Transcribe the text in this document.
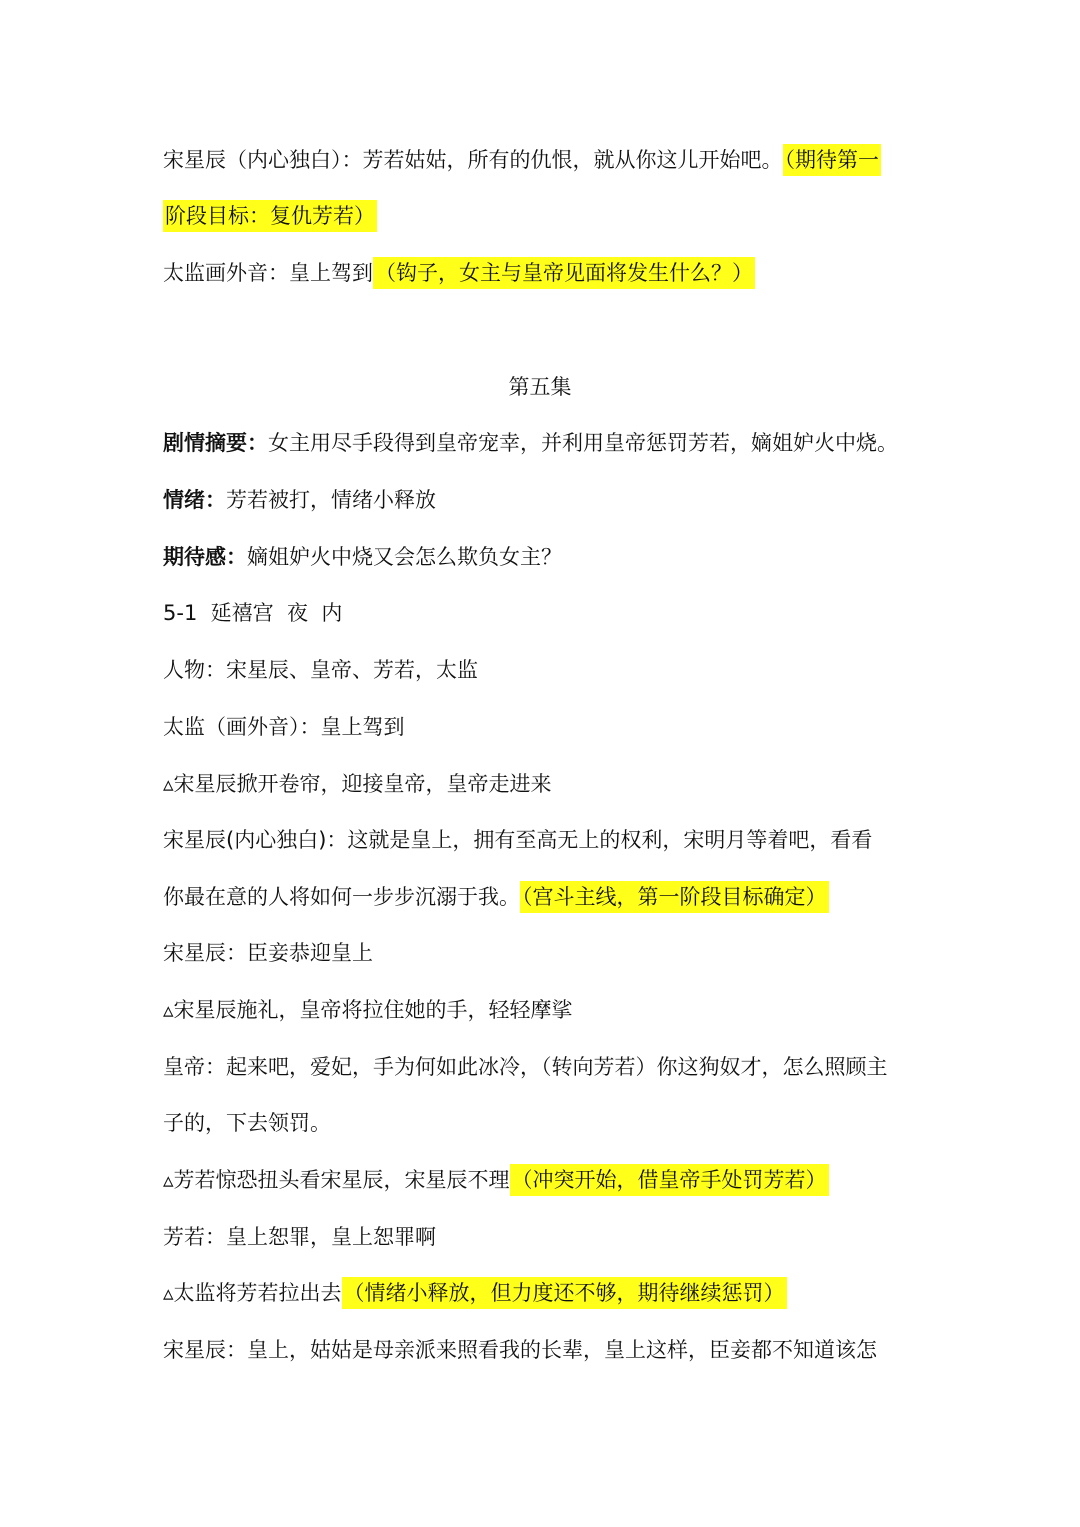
宋星辰（内心独白）：芳若姑姑，所有的仇恨，就从你这儿开始吧。（期待第一
阶段目标：复仇芳若）
太监画外音：皇上驾到（钩子，女主与皇帝见面将发生什么？）
第五集
剧情摘要：女主用尽手段得到皇帝宠幸，并利用皇帝惩罚芳若，嫡姐妒火中烧。
情绪：芳若被打，情绪小释放
期待感：嫡姐妒火中烧又会怎么欺负女主？
5-1  延禧宫  夜  内
人物：宋星辰、皇帝、芳若，太监
太监（画外音）：皇上驾到
▵宋星辰掀开卷帘，迎接皇帝，皇帝走进来
宋星辰(内心独白)：这就是皇上，拥有至高无上的权利，宋明月等着吧，看看
你最在意的人将如何一步步沉溺于我。（宫斗主线，第一阶段目标确定）
宋星辰：臣妾恭迎皇上
▵宋星辰施礼，皇帝将拉住她的手，轻轻摩挲
皇帝：起来吧，爱妃，手为何如此冰冷，（转向芳若）你这狗奴才，怎么照顾主
子的，下去领罚。
▵芳若惊恐扭头看宋星辰，宋星辰不理（冲突开始，借皇帝手处罚芳若）
芳若：皇上恕罪，皇上恕罪啊
▵太监将芳若拉出去（情绪小释放，但力度还不够，期待继续惩罚）
宋星辰：皇上，姑姑是母亲派来照看我的长辈，皇上这样，臣妾都不知道该怎
